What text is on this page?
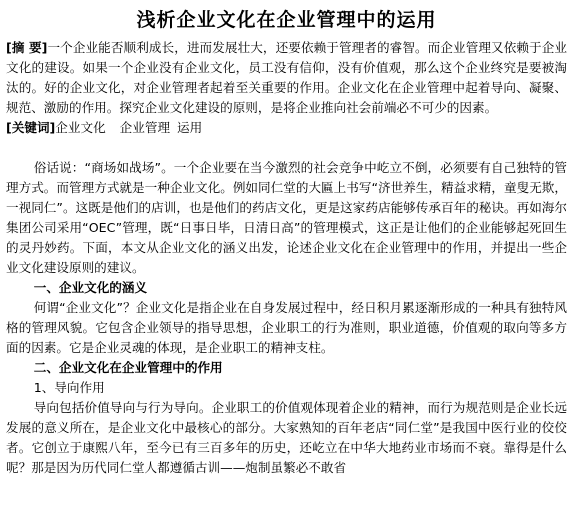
浅析企业文化在企业管理中的运用

[摘 要]一个企业能否顺利成长，进而发展壮大，还要依赖于管理者的睿智。而企业管理又依赖于企业文化的建设。如果一个企业没有企业文化，员工没有信仰，没有价值观，那么这个企业终究是要被淘汰的。好的企业文化，对企业管理者起着至关重要的作用。企业文化在企业管理中起着导向、凝聚、规范、激励的作用。探究企业文化建设的原则，是将企业推向社会前端必不可少的因素。

[关键词]企业文化 企业管理 运用

俗话说：“商场如战场”。一个企业要在当今激烈的社会竞争中屹立不倒，必须要有自己独特的管理方式。而管理方式就是一种企业文化。例如同仁堂的大匾上书写“济世养生，精益求精，童叟无欺，一视同仁”。这既是他们的店训，也是他们的药店文化，更是这家药店能够传承百年的秘诀。再如海尔集团公司采用“OEC”管理，既“日事日毕，日清日高”的管理模式，这正是让他们的企业能够起死回生的灵丹妙药。下面，本文从企业文化的涵义出发，论述企业文化在企业管理中的作用，并提出一些企业文化建设原则的建议。

一、企业文化的涵义

何谓“企业文化”？企业文化是指企业在自身发展过程中，经日积月累逐渐形成的一种具有独特风格的管理风貌。它包含企业领导的指导思想，企业职工的行为准则，职业道德，价值观的取向等多方面的因素。它是企业灵魂的体现，是企业职工的精神支柱。

二、企业文化在企业管理中的作用

1、导向作用

导向包括价值导向与行为导向。企业职工的价值观体现着企业的精神，而行为规范则是企业长远发展的意义所在，是企业文化中最核心的部分。大家熟知的百年老店“同仁堂”是我国中医行业的佼佼者。它创立于康熙八年，至今已有三百多年的历史，还屹立在中华大地药业市场而不衰。靠得是什么呢？那是因为历代同仁堂人都遵循古训——炮制虽繁必不敢省
